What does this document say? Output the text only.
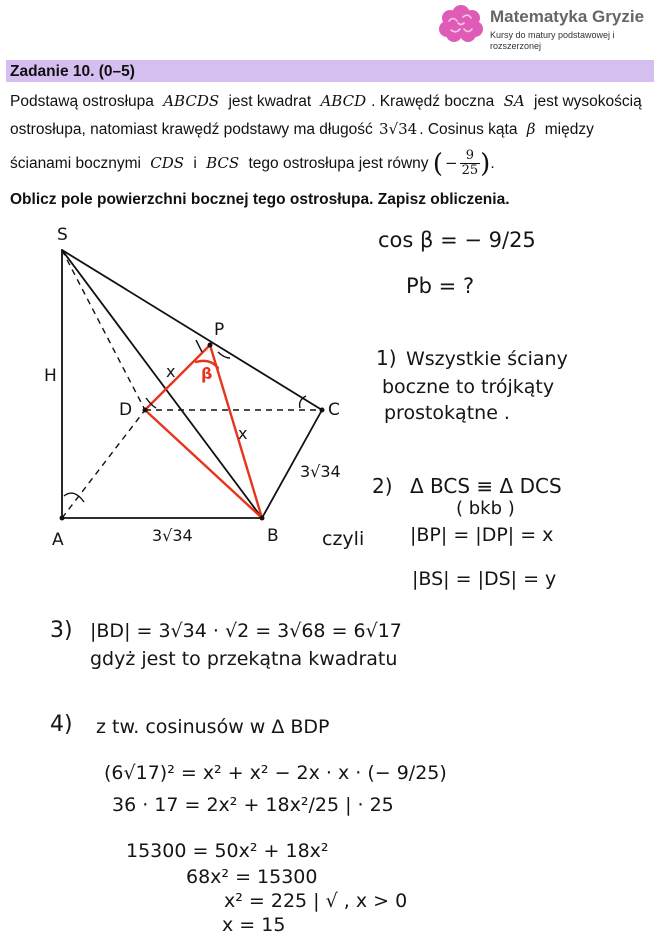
Matematyka Gryzie
Kursy do matury podstawowej i rozszerzonej
Zadanie 10. (0–5)
Podstawą ostrosłupa ABCDS jest kwadrat ABCD . Krawędź boczna SA jest wysokością
ostrosłupa, natomiast krawędź podstawy ma długość 3√34 . Cosinus kąta β między
ścianami bocznymi CDS i BCS tego ostrosłupa jest równy ( − $\frac{9}{25}$ ).
Oblicz pole powierzchni bocznej tego ostrosłupa. Zapisz obliczenia.
S
A	B
C
D
P
H	x
x
β
3√34
3√34
cos β = − 9/25
Pb = ?
1) Wszystkie ściany
boczne to trójkąty
prostokątne .
2) Δ BCS ≡ Δ DCS
( bkb )
czyli |BP| = |DP| = x
|BS| = |DS| = y
3) |BD| = 3√34 · √2 = 3√68 = 6√17
gdyż jest to przekątna kwadratu
4) z tw. cosinusów w Δ BDP
(6√17)² = x² + x² − 2x · x · (− 9/25)
36 · 17 = 2x² + 18x²/25 | · 25
15300 = 50x² + 18x²
68x² = 15300
x² = 225 | √ , x > 0
x = 15
